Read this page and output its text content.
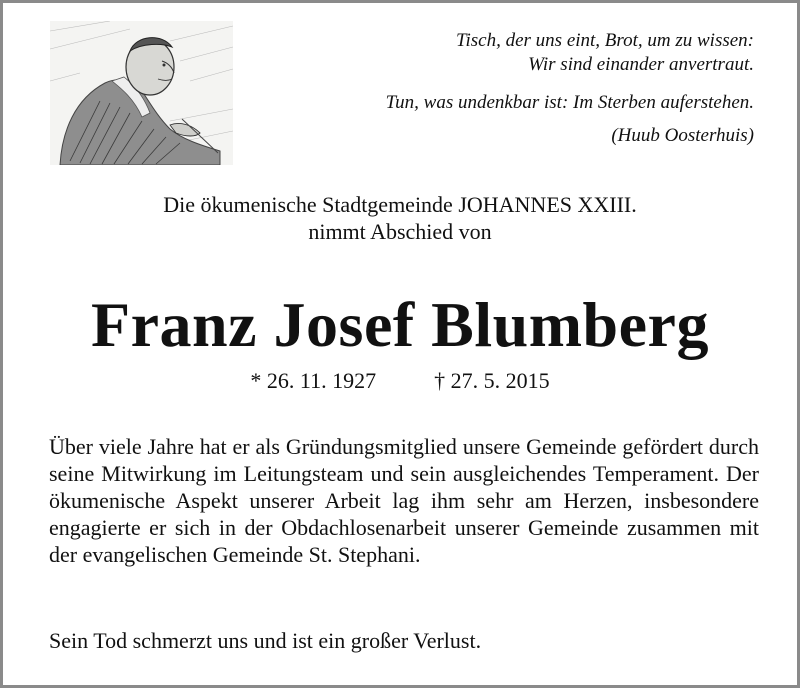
Tisch, der uns eint, Brot, um zu wissen:
Wir sind einander anvertraut.
Tun, was undenkbar ist: Im Sterben auferstehen.
(Huub Oosterhuis)
Die ökumenische Stadtgemeinde JOHANNES XXIII.
nimmt Abschied von
Franz Josef Blumberg
* 26. 11. 1927	† 27. 5. 2015
Über viele Jahre hat er als Gründungsmitglied unsere Gemeinde gefördert durch seine Mitwirkung im Leitungsteam und sein ausgleichendes Temperament. Der ökumenische Aspekt unserer Arbeit lag ihm sehr am Herzen, insbesondere engagierte er sich in der Obdachlosenarbeit unserer Gemeinde zusammen mit der evangelischen Gemeinde St. Stephani.
Sein Tod schmerzt uns und ist ein großer Verlust.
